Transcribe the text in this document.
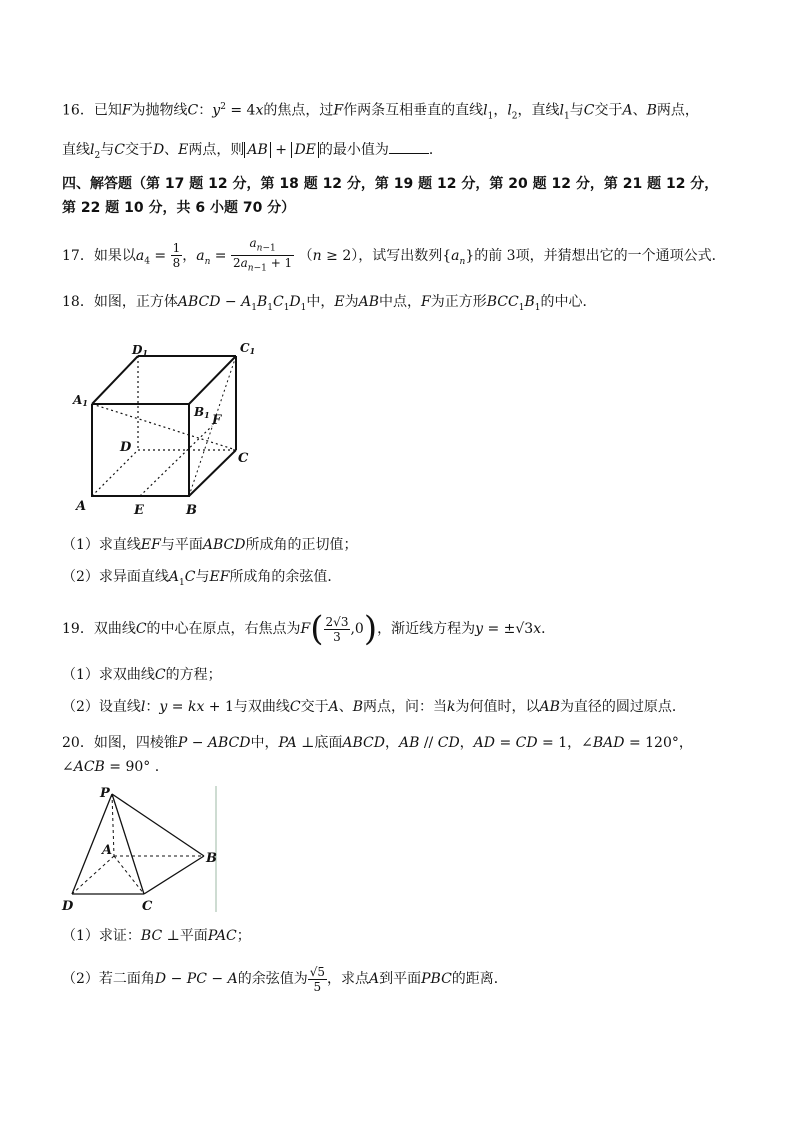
16．已知F为抛物线C：$y^2 = 4x$的焦点，过F作两条互相垂直的直线$l_1$，$l_2$，直线$l_1$与C交于A、B两点，
直线$l_2$与C交于D、E两点，则 AB + DE 的最小值为	．
四、解答题（第 17 题 12 分，第 18 题 12 分，第 19 题 12 分，第 20 题 12 分，第 21 题 12 分，
第 22 题 10 分，共 6 小题 70 分）
17．如果以$a_4 = \frac{1}{8}$ ，$a_n = \frac{a_{n-1}}{2a_{n-1} + 1} (n \ge 2)$，试写出数列$\{a_n\}$的前 3项，并猜想出它的一个通项公式．
18．如图，正方体ABCD − $A_1B_1C_1D_1$中，E为AB中点，F为正方形$BCC_1B_1$的中心．
D1	C1
A1
B1 F
D
C
A	E	B
（1）求直线EF与平面ABCD所成角的正切值；
（2）求异面直线$A_1C$与EF所成角的余弦值．
19．双曲线C的中心在原点，右焦点为$F( \frac{2√3}{3} ,0)$，渐近线方程为y = ±√3x．
（1）求双曲线C的方程；
（2）设直线l：y = kx + 1与双曲线C交于A、B两点，问：当k为何值时，以AB为直径的圆过原点．
20．如图，四棱锥P − ABCD中，PA ⊥底面ABCD，AB // CD，AD = CD = 1，∠BAD = 120°，
∠ACB = 90° .
P
A
B
D	C
（1）求证：BC ⊥平面PAC；
（2）若二面角D − PC − A的余弦值为 $\frac{√5}{5}$ ，求点A到平面PBC的距离．
